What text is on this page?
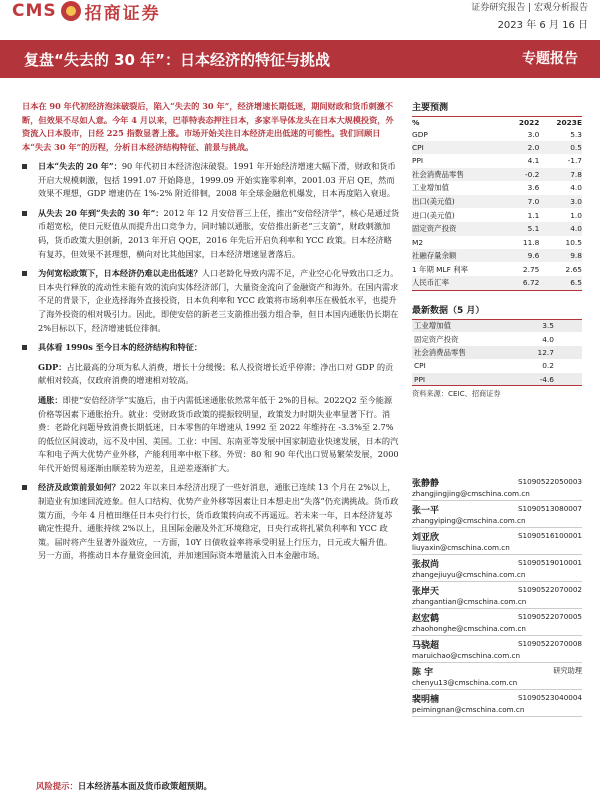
CMS 招商证券	证券研究报告 | 宏观分析报告
2023 年 6 月 16 日
复盘“失去的 30 年”：日本经济的特征与挑战	专题报告

日本在 90 年代初经济泡沫破裂后，陷入“失去的 30 年”，经济增速长期低迷，期间财政和货币刺激不断，但效果不尽如人意。今年 4 月以来，巴菲特表态押注日本，多家半导体龙头在日本大规模投资，外资流入日本股市，日经 225 指数显著上涨。市场开始关注日本经济走出低迷的可能性。我们回顾日本“失去 30 年”的历程，分析日本经济结构特征、前景与挑战。

日本“失去的 20 年”：90 年代初日本经济泡沫破裂。1991 年开始经济增速大幅下滑，财政和货币开启大规模刺激，包括 1991.07 开始降息，1999.09 开始实施零利率，2001.03 开启 QE，然而效果不理想，GDP 增速仍在 1%-2% 附近徘徊，2008 年全球金融危机爆发，日本再度陷入衰退。
从失去 20 年到“失去的 30 年”：2012 年 12 月安倍晋三上任，推出“安倍经济学”，核心是通过货币超宽松，使日元贬值从而提升出口竞争力，同时辅以通胀，安倍推出新老“三支箭”，财政刺激加码，货币政策大胆创新，2013 年开启 QQE，2016 年先后开启负利率和 YCC 政策。日本经济略有复苏，但效果不甚理想，横向对比其他国家，日本经济增速显著落后。
为何宽松政策下，日本经济仍难以走出低迷？人口老龄化导致内需不足，产业空心化导致出口乏力。日本央行释放的流动性未能有效的流向实体经济部门，大量资金流向了金融资产和海外。在国内需求不足的背景下，企业选择海外直接投资，日本负利率和 YCC 政策将市场利率压在极低水平，也提升了海外投资的相对吸引力。因此，即使安倍的新老三支箭推出强力组合拳，但日本国内通胀仍长期在 2%目标以下，经济增速低位徘徊。
具体看 1990s 至今日本的经济结构和特征：
GDP：占比最高的分项为私人消费，增长十分缓慢；私人投资增长近乎停滞；净出口对 GDP 的贡献相对较高，仅政府消费的增速相对较高。
通胀：即使“安倍经济学”实施后，由于内需低迷通胀依然常年低于 2%的目标。2022Q2 至今能源价格等因素下通胀抬升。就业：受财政货币政策的提振较明显，政策发力时期失业率显著下行。消费：老龄化问题导致消费长期低迷，日本零售的年增速从 1992 至 2022 年维持在 -3.3%至 2.7%的低位区间波动，远不及中国、美国。工业：中国、东南亚等发展中国家制造业快速发展，日本的汽车和电子两大优势产业外移，产能利用率中枢下移。外贸：80 和 90 年代出口贸易繁荣发展，2000 年代开始贸易逐渐由顺差转为逆差，且逆差逐渐扩大。
经济及政策前景如何？2022 年以来日本经济出现了一些好消息，通胀已连续 13 个月在 2%以上，制造业有加速回流迹象。但人口结构、优势产业外移等因素让日本想走出“失落”仍充满挑战。货币政策方面，今年 4 月植田继任日本央行行长，货币政策转向或不再遥远。若未来一年，日本经济复苏确定性提升、通胀持续 2%以上，且国际金融及外汇环境稳定，日央行或将扎紧负利率和 YCC 政策。届时将产生显著外溢效应，一方面，10Y 日债收益率将承受明显上行压力，日元或大幅升值。另一方面，将推动日本存量资金回流，并加速国际资本增量流入日本金融市场。
风险提示：日本经济基本面及货币政策超预期。
主要预测
%	2022	2023E
GDP	3.0	5.3
CPI	2.0	0.5
PPI	4.1	-1.7
社会消费品零售	-0.2	7.8
工业增加值	3.6	4.0
出口(美元值)	7.0	3.0
进口(美元值)	1.1	1.0
固定资产投资	5.1	4.0
M2	11.8	10.5
社融存量余额	9.6	9.8
1 年期 MLF 利率	2.75	2.65
人民币汇率	6.72	6.5
最新数据（5 月）
工业增加值	3.5
固定资产投资	4.0
社会消费品零售	12.7
CPI	0.2
PPI	-4.6
资料来源：CEIC、招商证券
张静静	S1090522050003
zhangjingjing@cmschina.com.cn
张一平	S1090513080007
zhangyiping@cmschina.com.cn
刘亚欣	S1090516100001
liuyaxin@cmschina.com.cn
张叔尚	S1090519010001
zhangejiuyu@cmschina.com.cn
张岸天	S1090522070002
zhangantian@cmschina.com.cn
赵宏鹤	S1090522070005
zhaohonghe@cmschina.com.cn
马骁超	S1090522070008
maruichao@cmschina.com.cn
陈 宇	研究助理
chenyu13@cmschina.com.cn
裴明楠	S1090523040004
peimingnan@cmschina.com.cn
